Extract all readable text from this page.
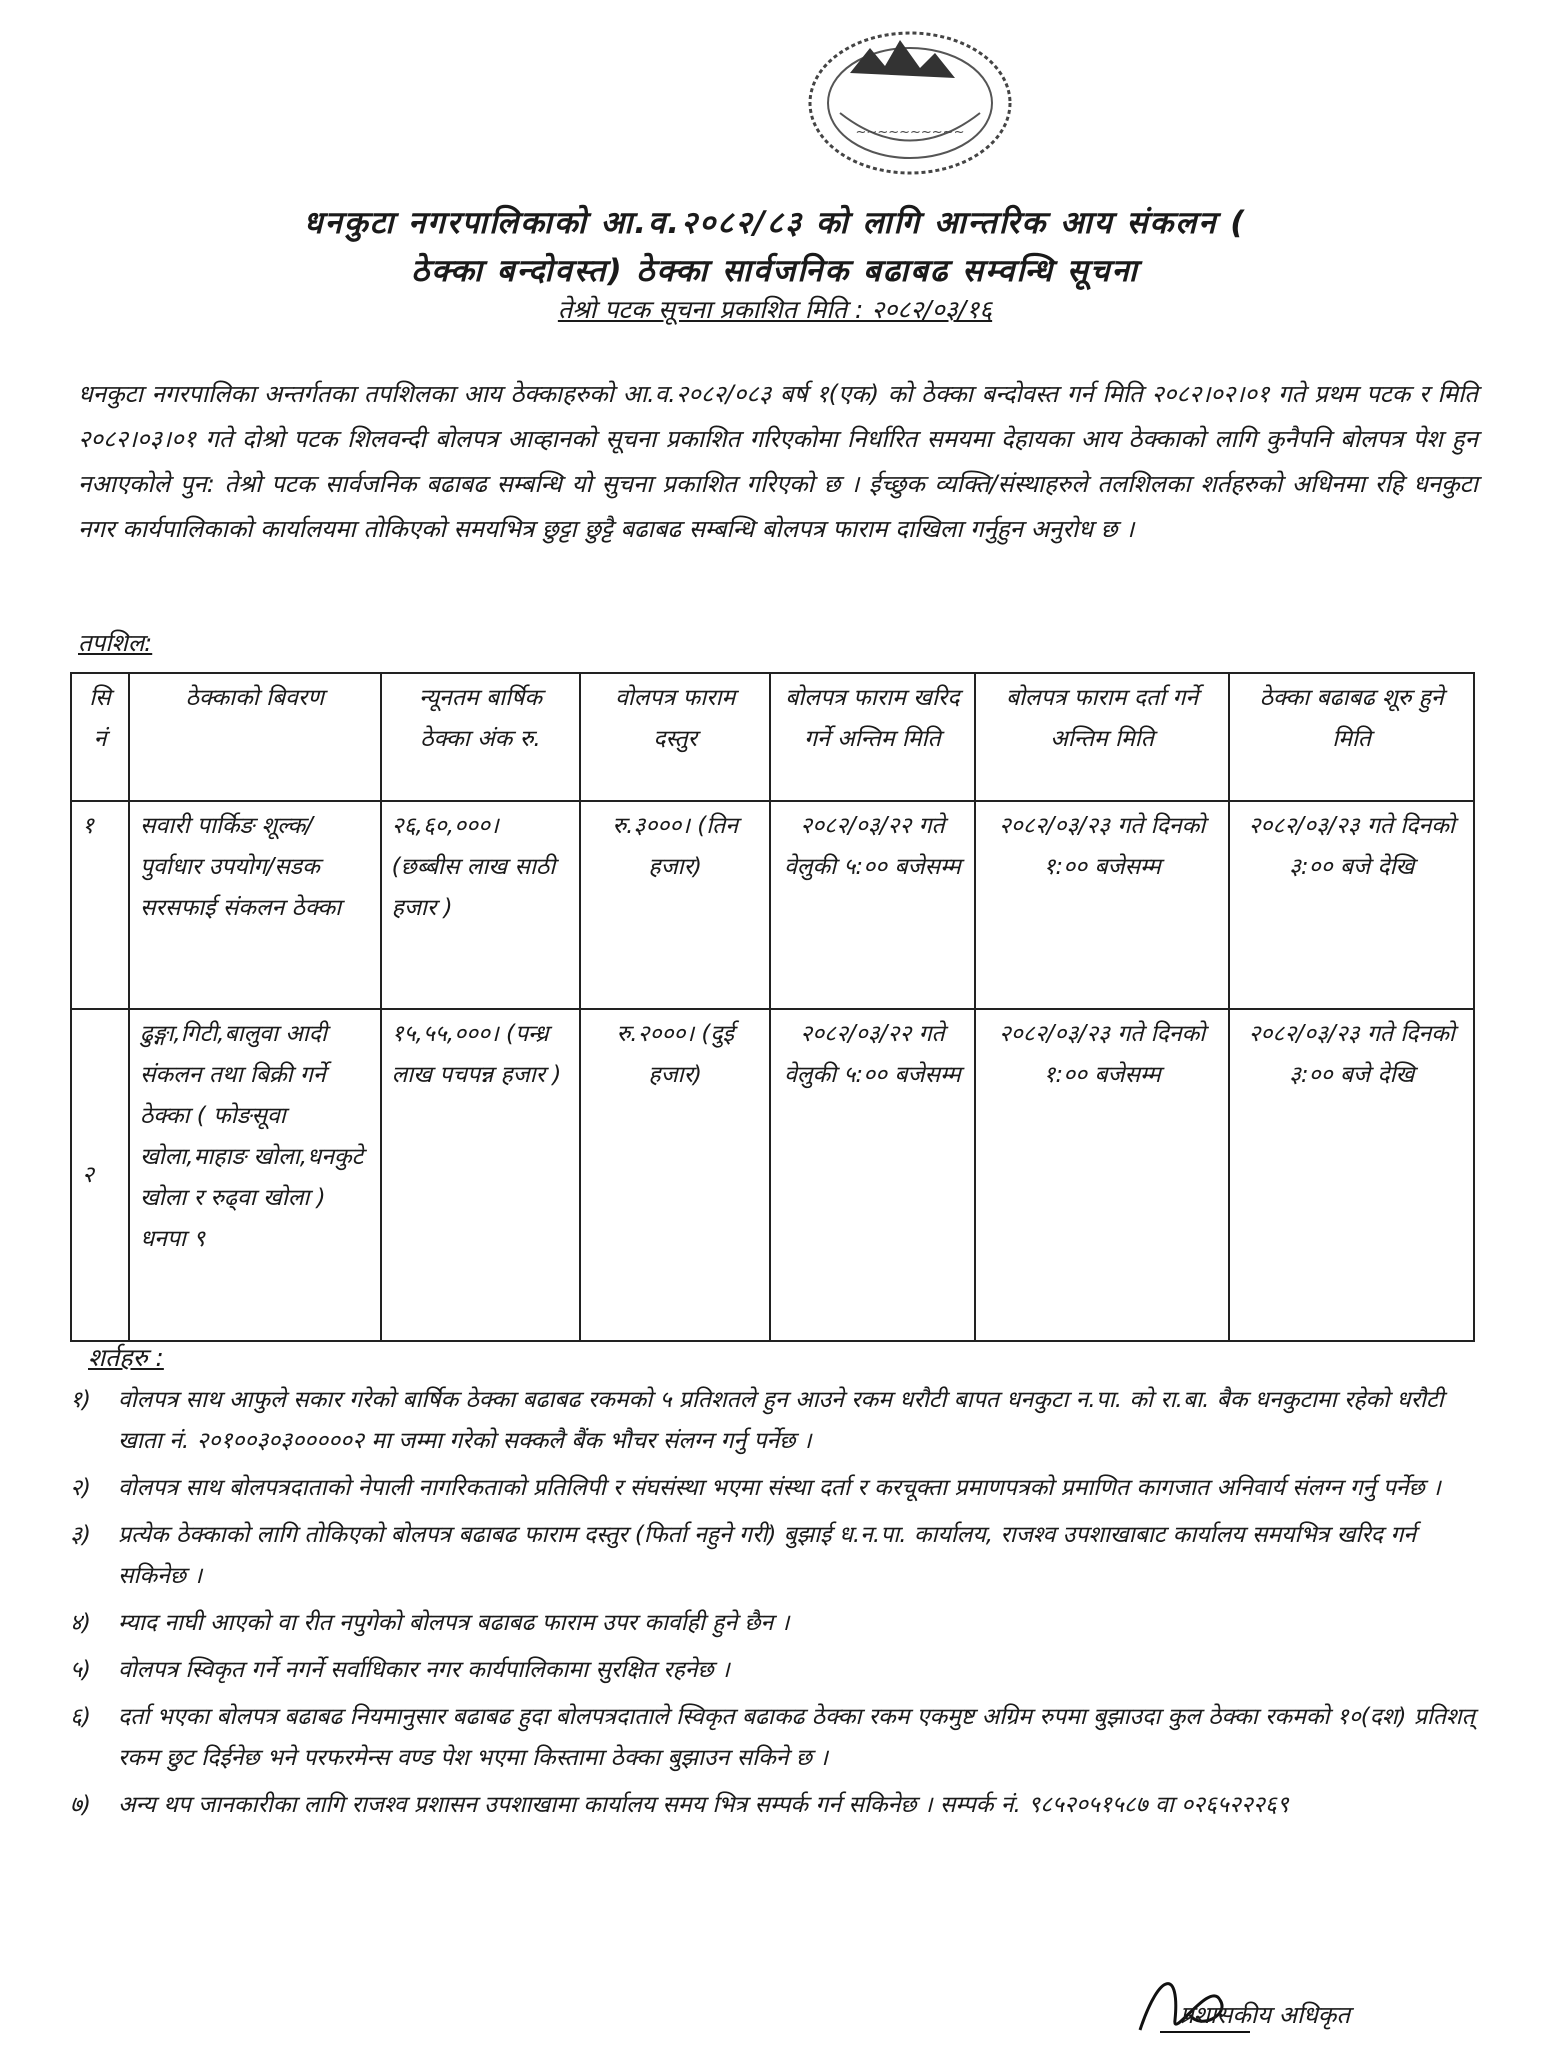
~~~~~~~~~~
धनकुटा नगरपालिकाको आ.व.२०८२/८३ को लागि आन्तरिक आय संकलन (
ठेक्का बन्दोवस्त) ठेक्का सार्वजनिक बढाबढ सम्वन्धि सूचना
तेश्रो पटक सूचना प्रकाशित मिति : २०८२/०३/१६
धनकुटा नगरपालिका अन्तर्गतका तपशिलका आय ठेक्काहरुको आ.व.२०८२/०८३ बर्ष १(एक) को ठेक्का बन्दोवस्त गर्न मिति २०८२।०२।०१ गते प्रथम पटक र मिति २०८२।०३।०१ गते दोश्रो पटक शिलवन्दी बोलपत्र आव्हानको सूचना प्रकाशित गरिएकोमा निर्धारित समयमा देहायका आय ठेक्काको लागि कुनैपनि बोलपत्र पेश हुन नआएकोले पुन: तेश्रो पटक सार्वजनिक बढाबढ सम्बन्धि यो सुचना प्रकाशित गरिएको छ । ईच्छुक व्यक्ति/संस्थाहरुले तलशिलका शर्तहरुको अधिनमा रहि धनकुटा नगर कार्यपालिकाको कार्यालयमा तोकिएको समयभित्र छुट्टा छुट्टै बढाबढ सम्बन्धि बोलपत्र फाराम दाखिला गर्नुहुन अनुरोध छ ।
तपशिल:
सि नं	ठेक्काको बिवरण	न्यूनतम बार्षिक ठेक्का अंक रु.	वोलपत्र फाराम दस्तुर	बोलपत्र फाराम खरिद गर्ने अन्तिम मिति	बोलपत्र फाराम दर्ता गर्ने अन्तिम मिति	ठेक्का बढाबढ शूरु हुने मिति
१	सवारी पार्किङ शूल्क/पुर्वाधार उपयोग/सडक सरसफाई संकलन ठेक्का	२६,६०,०००। (छब्बीस लाख साठी हजार )	रु.३०००। (तिन हजार)	२०८२/०३/२२ गते वेलुकी ५:०० बजेसम्म	२०८२/०३/२३ गते दिनको १:०० बजेसम्म	२०८२/०३/२३ गते दिनको ३:०० बजे देखि
२	ढुङ्गा,गिटी,बालुवा आदी संकलन तथा बिक्री गर्ने ठेक्का ( फोङसूवा खोला,माहाङ खोला,धनकुटे खोला र रुढ्वा खोला ) धनपा ९	१५,५५,०००। (पन्ध्र लाख पचपन्न हजार )	रु.२०००। (दुई हजार)	२०८२/०३/२२ गते वेलुकी ५:०० बजेसम्म	२०८२/०३/२३ गते दिनको १:०० बजेसम्म	२०८२/०३/२३ गते दिनको ३:०० बजे देखि
शर्तहरु :
१)	वोलपत्र साथ आफुले सकार गरेको बार्षिक ठेक्का बढाबढ रकमको ५ प्रतिशतले हुन आउने रकम धरौटी बापत धनकुटा न.पा. को रा.बा. बैक धनकुटामा रहेको धरौटी खाता नं. २०१००३०३०००००२ मा जम्मा गरेको सक्कलै बैंक भौचर संलग्न गर्नु पर्नेछ ।
२)	वोलपत्र साथ बोलपत्रदाताको नेपाली नागरिकताको प्रतिलिपी र संघसंस्था भएमा संस्था दर्ता र करचूक्ता प्रमाणपत्रको प्रमाणित कागजात अनिवार्य संलग्न गर्नु पर्नेछ ।
३)	प्रत्येक ठेक्काको लागि तोकिएको बोलपत्र बढाबढ फाराम दस्तुर (फिर्ता नहुने गरी) बुझाई ध.न.पा. कार्यालय, राजश्व उपशाखाबाट कार्यालय समयभित्र खरिद गर्न सकिनेछ ।
४)	म्याद नाघी आएको वा रीत नपुगेको बोलपत्र बढाबढ फाराम उपर कार्वाही हुने छैन ।
५)	वोलपत्र स्विकृत गर्ने नगर्ने सर्वाधिकार नगर कार्यपालिकामा सुरक्षित रहनेछ ।
६)	दर्ता भएका बोलपत्र बढाबढ नियमानुसार बढाबढ हुदा बोलपत्रदाताले स्विकृत बढाकढ ठेक्का रकम एकमुष्ट अग्रिम रुपमा बुझाउदा कुल ठेक्का रकमको १०(दश) प्रतिशत् रकम छुट दिईनेछ भने परफरमेन्स वण्ड पेश भएमा किस्तामा ठेक्का बुझाउन सकिने छ ।
७)	अन्य थप जानकारीका लागि राजश्व प्रशासन उपशाखामा कार्यालय समय भित्र सम्पर्क गर्न सकिनेछ । सम्पर्क नं. ९८५२०५१५८७ वा ०२६५२२२६९
प्रशासकीय अधिकृत
